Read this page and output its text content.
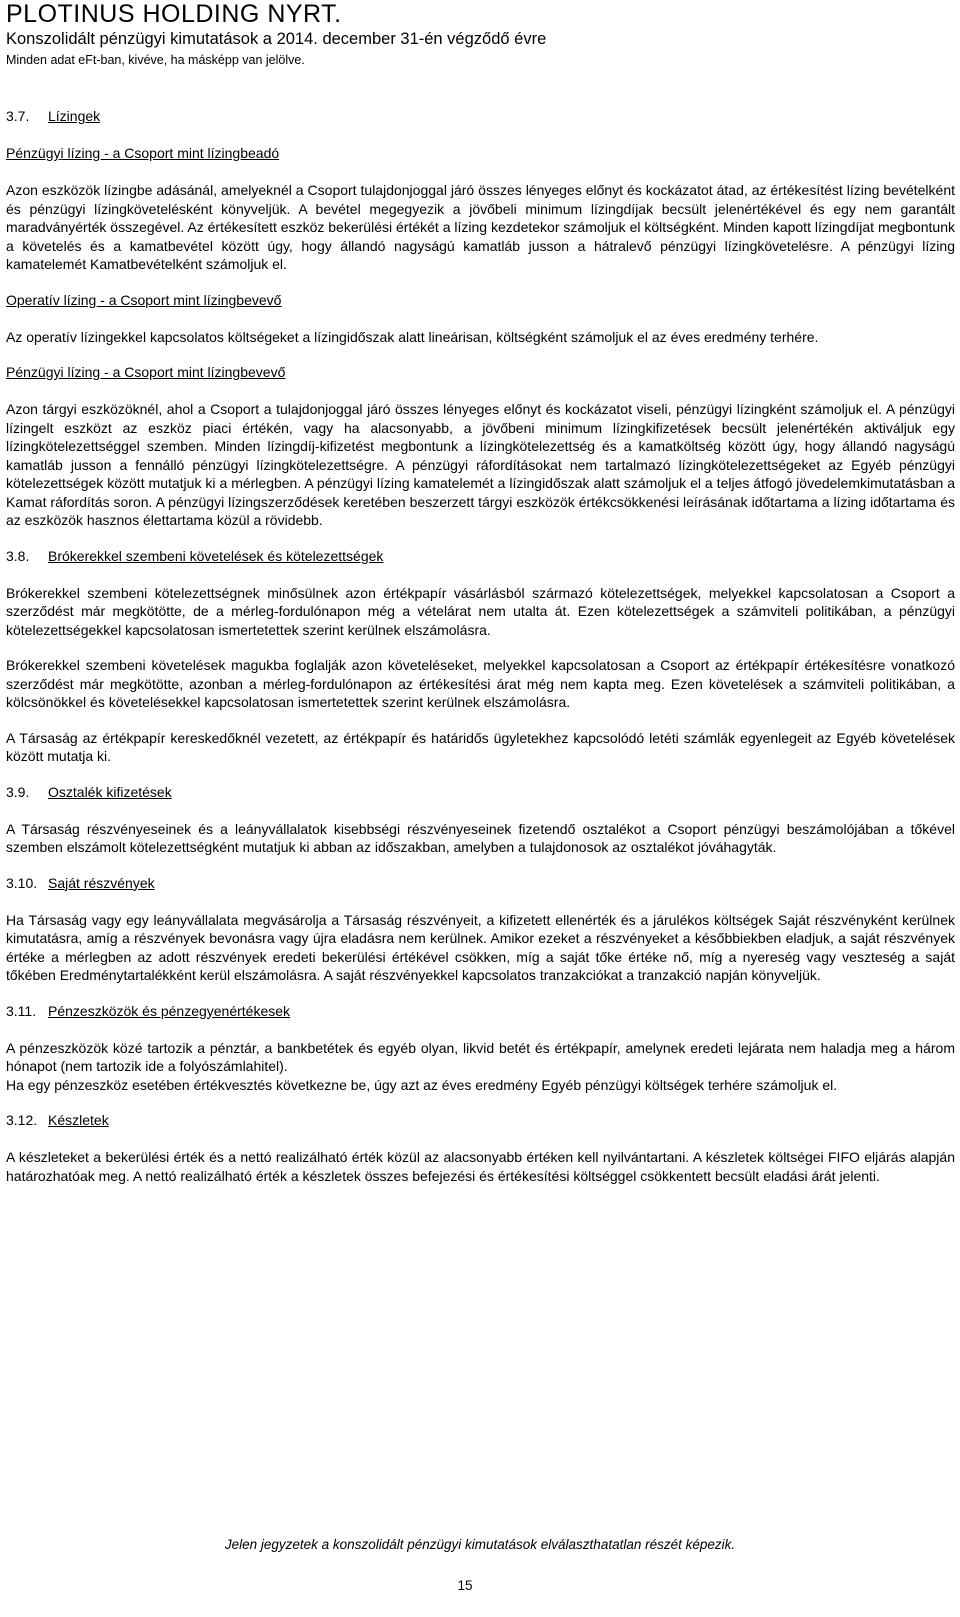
PLOTINUS HOLDING NYRT.
Konszolidált pénzügyi kimutatások a 2014. december 31-én végződő évre
Minden adat eFt-ban, kivéve, ha másképp van jelölve.
3.7.	Lízingek
Pénzügyi lízing - a Csoport mint lízingbeadó

Azon eszközök lízingbe adásánál, amelyeknél a Csoport tulajdonjoggal járó összes lényeges előnyt és kockázatot átad, az értékesítést lízing bevételként és pénzügyi lízingkövetelésként könyveljük. A bevétel megegyezik a jövőbeli minimum lízingdíjak becsült jelenértékével és egy nem garantált maradványérték összegével. Az értékesített eszköz bekerülési értékét a lízing kezdetekor számoljuk el költségként. Minden kapott lízingdíjat megbontunk a követelés és a kamatbevétel között úgy, hogy állandó nagyságú kamatláb jusson a hátralevő pénzügyi lízingkövetelésre. A pénzügyi lízing kamatelemét Kamatbevételként számoljuk el.

Operatív lízing - a Csoport mint lízingbevevő

Az operatív lízingekkel kapcsolatos költségeket a lízingidőszak alatt lineárisan, költségként számoljuk el az éves eredmény terhére.

Pénzügyi lízing - a Csoport mint lízingbevevő

Azon tárgyi eszközöknél, ahol a Csoport a tulajdonjoggal járó összes lényeges előnyt és kockázatot viseli, pénzügyi lízingként számoljuk el. A pénzügyi lízingelt eszközt az eszköz piaci értékén, vagy ha alacsonyabb, a jövőbeni minimum lízingkifizetések becsült jelenértékén aktiváljuk egy lízingkötelezettséggel szemben. Minden lízingdíj-kifizetést megbontunk a lízingkötelezettség és a kamatköltség között úgy, hogy állandó nagyságú kamatláb jusson a fennálló pénzügyi lízingkötelezettségre. A pénzügyi ráfordításokat nem tartalmazó lízingkötelezettségeket az Egyéb pénzügyi kötelezettségek között mutatjuk ki a mérlegben. A pénzügyi lízing kamatelemét a lízingidőszak alatt számoljuk el a teljes átfogó jövedelemkimutatásban a Kamat ráfordítás soron. A pénzügyi lízingszerződések keretében beszerzett tárgyi eszközök értékcsökkenési leírásának időtartama a lízing időtartama és az eszközök hasznos élettartama közül a rövidebb.

3.8.	Brókerekkel szembeni követelések és kötelezettségek

Brókerekkel szembeni kötelezettségnek minősülnek azon értékpapír vásárlásból származó kötelezettségek, melyekkel kapcsolatosan a Csoport a szerződést már megkötötte, de a mérleg-fordulónapon még a vételárat nem utalta át. Ezen kötelezettségek a számviteli politikában, a pénzügyi kötelezettségekkel kapcsolatosan ismertetettek szerint kerülnek elszámolásra.

Brókerekkel szembeni követelések magukba foglalják azon követeléseket, melyekkel kapcsolatosan a Csoport az értékpapír értékesítésre vonatkozó szerződést már megkötötte, azonban a mérleg-fordulónapon az értékesítési árat még nem kapta meg. Ezen követelések a számviteli politikában, a kölcsönökkel és követelésekkel kapcsolatosan ismertetettek szerint kerülnek elszámolásra.

A Társaság az értékpapír kereskedőknél vezetett, az értékpapír és határidős ügyletekhez kapcsolódó letéti számlák egyenlegeit az Egyéb követelések között mutatja ki.

3.9.	Osztalék kifizetések

A Társaság részvényeseinek és a leányvállalatok kisebbségi részvényeseinek fizetendő osztalékot a Csoport pénzügyi beszámolójában a tőkével szemben elszámolt kötelezettségként mutatjuk ki abban az időszakban, amelyben a tulajdonosok az osztalékot jóváhagyták.

3.10. Saját részvények

Ha Társaság vagy egy leányvállalata megvásárolja a Társaság részvényeit, a kifizetett ellenérték és a járulékos költségek Saját részvényként kerülnek kimutatásra, amíg a részvények bevonásra vagy újra eladásra nem kerülnek. Amikor ezeket a részvényeket a későbbiekben eladjuk, a saját részvények értéke a mérlegben az adott részvények eredeti bekerülési értékével csökken, míg a saját tőke értéke nő, míg a nyereség vagy veszteség a saját tőkében Eredménytartalékként kerül elszámolásra. A saját részvényekkel kapcsolatos tranzakciókat a tranzakció napján könyveljük.

3.11. Pénzeszközök és pénzegyenértékesek

A pénzeszközök közé tartozik a pénztár, a bankbetétek és egyéb olyan, likvid betét és értékpapír, amelynek eredeti lejárata nem haladja meg a három hónapot (nem tartozik ide a folyószámlahitel).

Ha egy pénzeszköz esetében értékvesztés következne be, úgy azt az éves eredmény Egyéb pénzügyi költségek terhére számoljuk el.

3.12. Készletek

A készleteket a bekerülési érték és a nettó realizálható érték közül az alacsonyabb értéken kell nyilvántartani. A készletek költségei FIFO eljárás alapján határozhatóak meg. A nettó realizálható érték a készletek összes befejezési és értékesítési költséggel csökkentett becsült eladási árát jelenti.

Jelen jegyzetek a konszolidált pénzügyi kimutatások elválaszthatatlan részét képezik.
15
